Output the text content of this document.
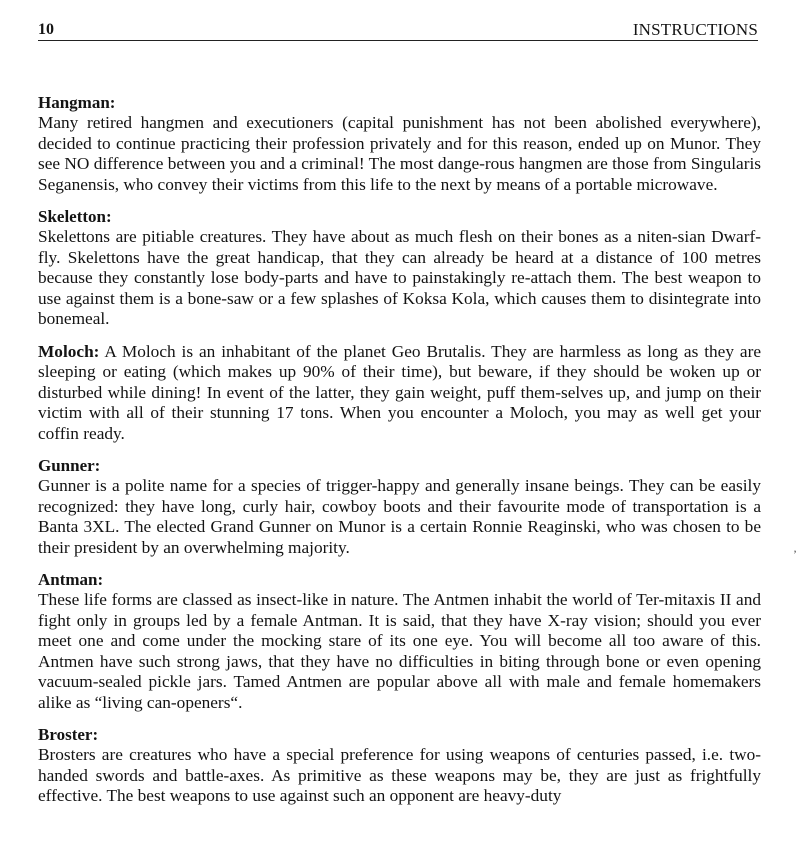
10	INSTRUCTIONS
Hangman:

Many retired hangmen and executioners (capital punishment has not been abolished everywhere), decided to continue practicing their profession privately and for this reason, ended up on Munor. They see NO difference between you and a criminal! The most dange-rous hangmen are those from Singularis Seganensis, who convey their victims from this life to the next by means of a portable microwave.

Skeletton:

Skelettons are pitiable creatures. They have about as much flesh on their bones as a niten-sian Dwarf-fly. Skelettons have the great handicap, that they can already be heard at a distance of 100 metres because they constantly lose body-parts and have to painstakingly re-attach them. The best weapon to use against them is a bone-saw or a few splashes of Koksa Kola, which causes them to disintegrate into bonemeal.

Moloch: A Moloch is an inhabitant of the planet Geo Brutalis. They are harmless as long as they are sleeping or eating (which makes up 90% of their time), but beware, if they should be woken up or disturbed while dining! In event of the latter, they gain weight, puff them-selves up, and jump on their victim with all of their stunning 17 tons. When you encounter a Moloch, you may as well get your coffin ready.

Gunner:

Gunner is a polite name for a species of trigger-happy and generally insane beings. They can be easily recognized: they have long, curly hair, cowboy boots and their favourite mode of transportation is a Banta 3XL. The elected Grand Gunner on Munor is a certain Ronnie Reaginski, who was chosen to be their president by an overwhelming majority.

Antman:

These life forms are classed as insect-like in nature. The Antmen inhabit the world of Ter-mitaxis II and fight only in groups led by a female Antman. It is said, that they have X-ray vision; should you ever meet one and come under the mocking stare of its one eye. You will become all too aware of this. Antmen have such strong jaws, that they have no difficulties in biting through bone or even opening vacuum-sealed pickle jars. Tamed Antmen are popular above all with male and female homemakers alike as “living can-openers“.

Broster:

Brosters are creatures who have a special preference for using weapons of centuries passed, i.e. two-handed swords and battle-axes. As primitive as these weapons may be, they are just as frightfully effective. The best weapons to use against such an opponent are heavy-duty

’
